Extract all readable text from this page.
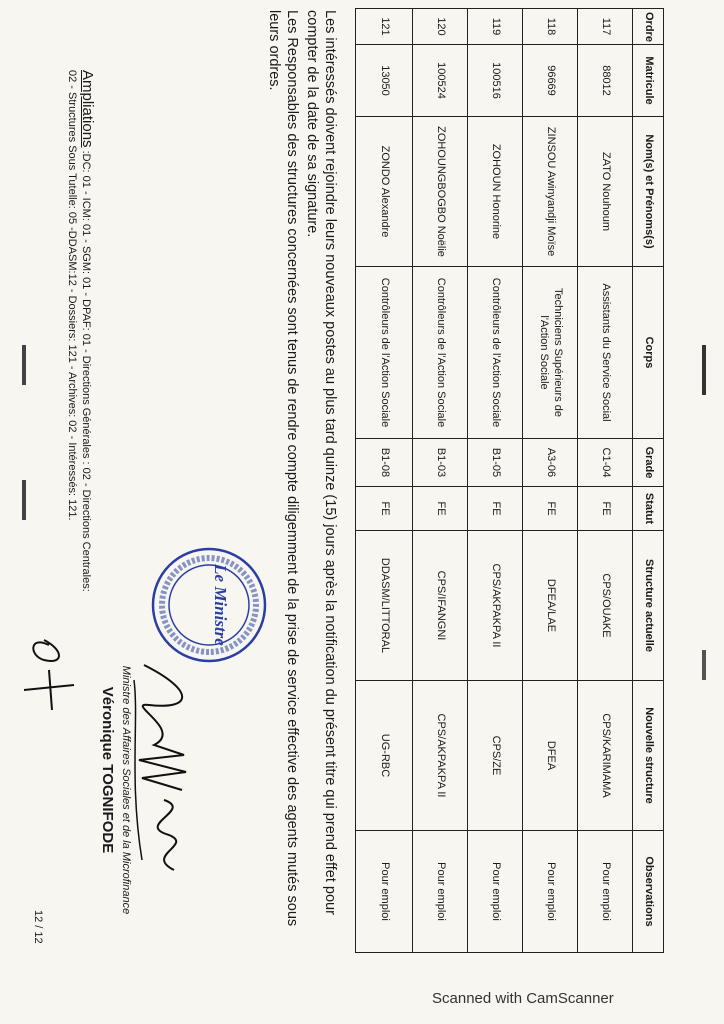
Ordre	Matricule	Nom(s) et Prénoms(s)	Corps	Grade	Statut	Structure actuelle	Nouvelle structure	Observations
117	88012	ZATO Nouhoum	Assistants du Service Social	C1-04	FE	CPS/OUAKE	CPS/KARIMAMA	Pour emploi
118	96669	ZINSOU Awinyandji Moïse	Techniciens Supérieurs de l'Action Sociale	A3-06	FE	DFEA/LAE	DFEA	Pour emploi
119	100516	ZOHOUN Honorine	Contrôleurs de l'Action Sociale	B1-05	FE	CPS/AKPAKPA II	CPS/ZE	Pour emploi
120	100524	ZOHOUNGBOGBO Noëlie	Contrôleurs de l'Action Sociale	B1-03	FE	CPS/IFANGNI	CPS/AKPAKPA II	Pour emploi
121	13050	ZONDO Alexandre	Contrôleurs de l'Action Sociale	B1-08	FE	DDASM/LITTORAL	UG-RBC	Pour emploi

Les intéressés doivent rejoindre leurs nouveaux postes au plus tard quinze (15) jours après la notification du présent titre qui prend effet pour compter de la date de sa signature.

Les Responsables des structures concernées sont tenus de rendre compte diligemment de la prise de service effective des agents mutés sous leurs ordres.

Le Ministre
Ministre des Affaires Sociales et de la Microfinance
Véronique TOGNIFODE
Ampliations :DC: 01 - ICM: 01 - SGM: 01 - DPAF: 01 - Directions Générales : 02 - Directions Centrales:
02 - Structures Sous Tutelle: 05 -DDASM:12 - Dossiers: 121 - Archives: 02 - Intéressés: 121.
12 / 12
Scanned with CamScanner
